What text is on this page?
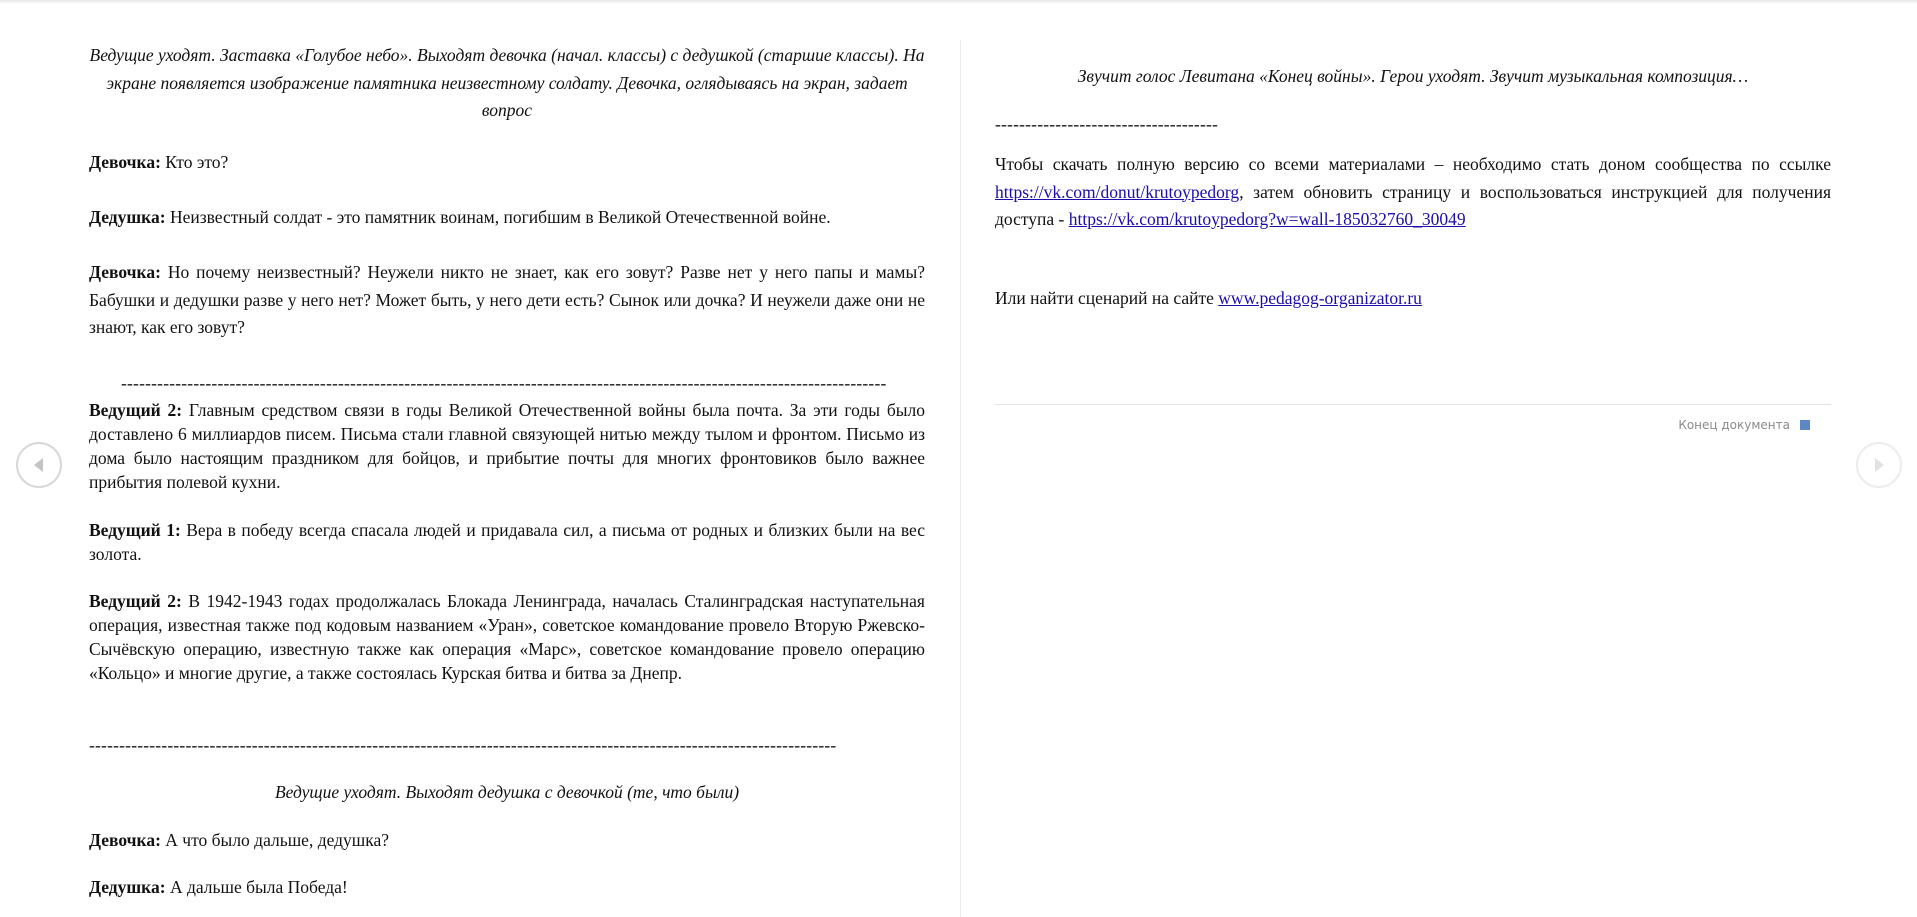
Ведущие уходят. Заставка «Голубое небо». Выходят девочка (начал. классы) с дедушкой (старшие классы). На экране появляется изображение памятника неизвестному солдату. Девочка, оглядываясь на экран, задает вопрос

Девочка: Кто это?

Дедушка: Неизвестный солдат - это памятник воинам, погибшим в Великой Отечественной войне.

Девочка: Но почему неизвестный? Неужели никто не знает, как его зовут? Разве нет у него папы и мамы? Бабушки и дедушки разве у него нет? Может быть, у него дети есть? Сынок или дочка? И неужели даже они не знают, как его зовут?

-------------------------------------------------------------------------------------------------------------------------------

Ведущий 2: Главным средством связи в годы Великой Отечественной войны была почта. За эти годы было доставлено 6 миллиардов писем. Письма стали главной связующей нитью между тылом и фронтом. Письмо из дома было настоящим праздником для бойцов, и прибытие почты для многих фронтовиков было важнее прибытия полевой кухни.

Ведущий 1: Вера в победу всегда спасала людей и придавала сил, а письма от родных и близких были на вес золота.

Ведущий 2: В 1942-1943 годах продолжалась Блокада Ленинграда, началась Сталинградская наступательная операция, известная также под кодовым названием «Уран», советское командование провело Вторую Ржевско-Сычёвскую операцию, известную также как операция «Марс», советское командование провело операцию «Кольцо» и многие другие, а также состоялась Курская битва и битва за Днепр.

----------------------------------------------------------------------------------------------------------------------------

Ведущие уходят. Выходят дедушка с девочкой (те, что были)

Девочка: А что было дальше, дедушка?

Дедушка: А дальше была Победа!

Звучит голос Левитана «Конец войны». Герои уходят. Звучит музыкальная композиция…

-------------------------------------

Чтобы скачать полную версию со всеми материалами – необходимо стать доном сообщества по ссылке https://vk.com/donut/krutoypedorg, затем обновить страницу и воспользоваться инструкцией для получения доступа - https://vk.com/krutoypedorg?w=wall-185032760_30049

Или найти сценарий на сайте www.pedagog-organizator.ru

Конец документа
